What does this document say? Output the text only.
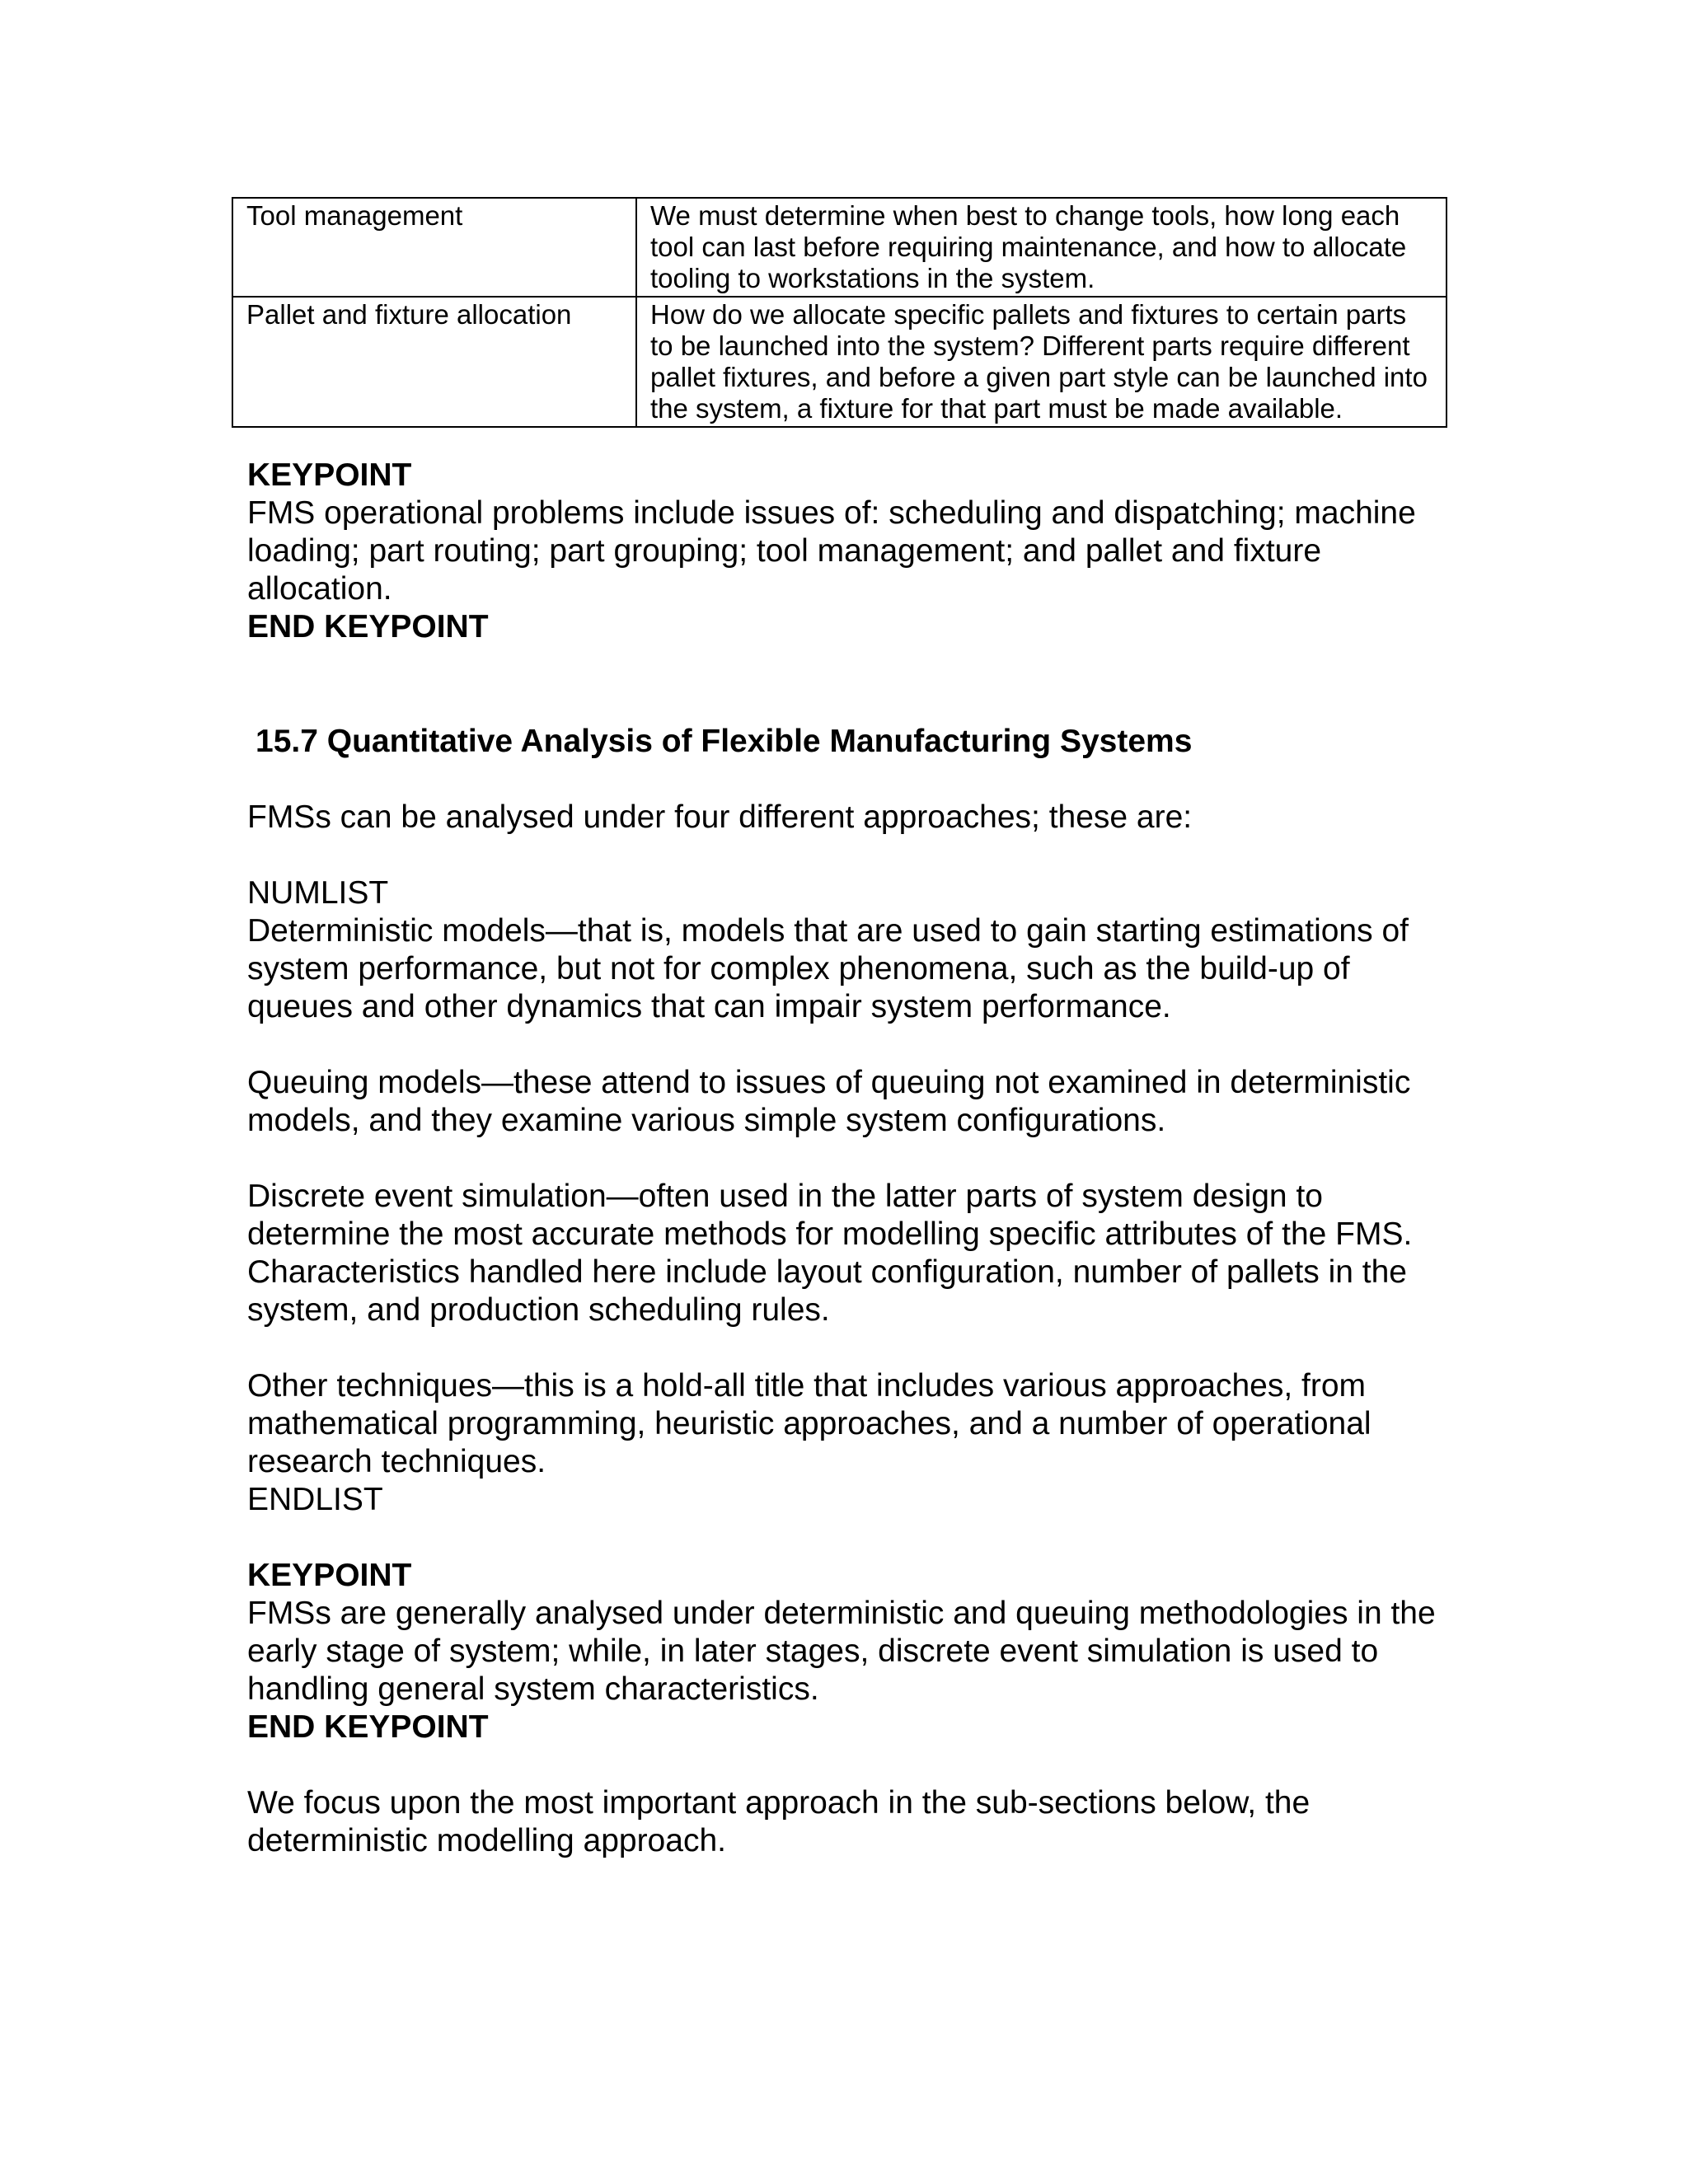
Tool management	We must determine when best to change tools, how long each tool can last before requiring maintenance, and how to allocate tooling to workstations in the system.
Pallet and fixture allocation	How do we allocate specific pallets and fixtures to certain parts to be launched into the system? Different parts require different pallet fixtures, and before a given part style can be launched into the system, a fixture for that part must be made available.

KEYPOINT

FMS operational problems include issues of: scheduling and dispatching; machine loading; part routing; part grouping; tool management; and pallet and fixture allocation.

END KEYPOINT

15.7 Quantitative Analysis of Flexible Manufacturing Systems

FMSs can be analysed under four different approaches; these are:

NUMLIST

Deterministic models—that is, models that are used to gain starting estimations of system performance, but not for complex phenomena, such as the build-up of queues and other dynamics that can impair system performance.

Queuing models—these attend to issues of queuing not examined in deterministic models, and they examine various simple system configurations.

Discrete event simulation—often used in the latter parts of system design to determine the most accurate methods for modelling specific attributes of the FMS. Characteristics handled here include layout configuration, number of pallets in the system, and production scheduling rules.

Other techniques—this is a hold-all title that includes various approaches, from mathematical programming, heuristic approaches, and a number of operational research techniques.

ENDLIST

KEYPOINT

FMSs are generally analysed under deterministic and queuing methodologies in the early stage of system; while, in later stages, discrete event simulation is used to handling general system characteristics.

END KEYPOINT

We focus upon the most important approach in the sub-sections below, the deterministic modelling approach.
